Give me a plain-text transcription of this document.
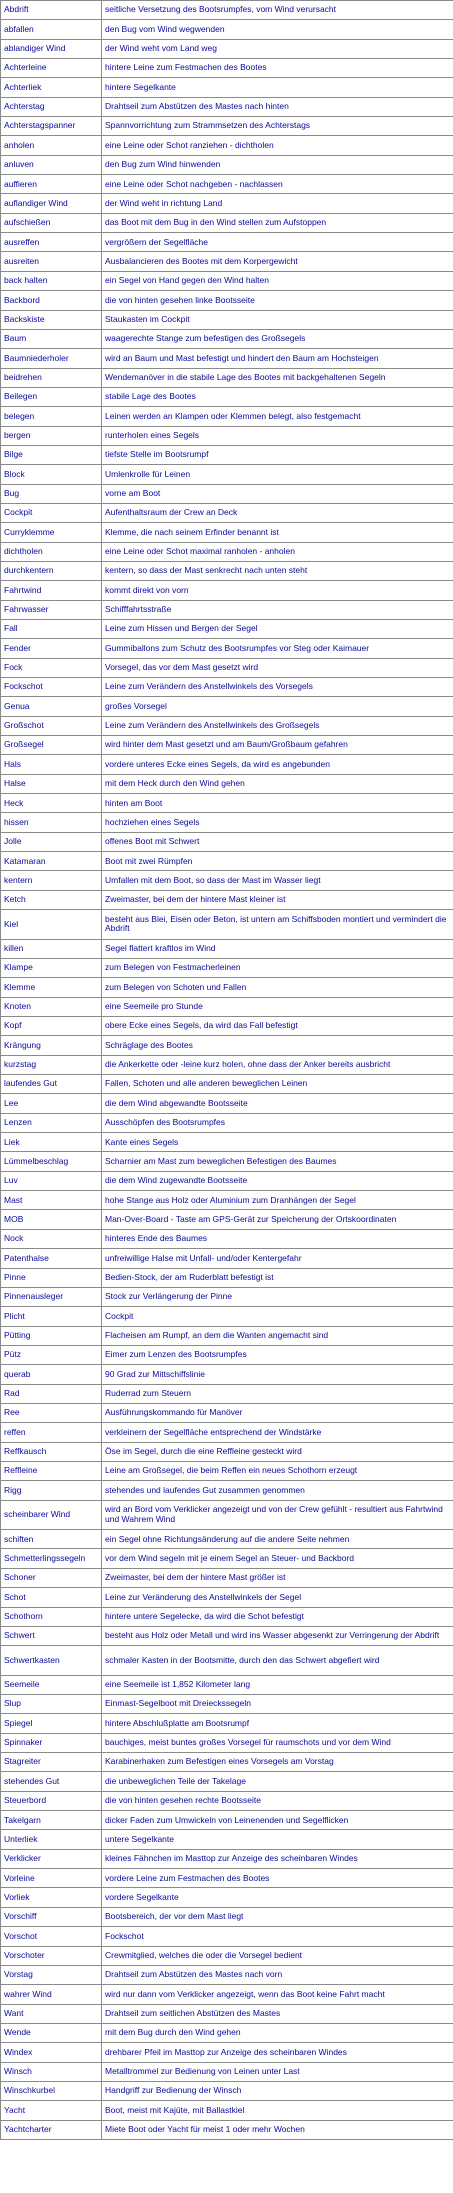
Abdrift	seitliche Versetzung des Bootsrumpfes, vom Wind verursacht
abfallen	den Bug vom Wind wegwenden
ablandiger Wind	der Wind weht vom Land weg
Achterleine	hintere Leine zum Festmachen des Bootes
Achterliek	hintere Segelkante
Achterstag	Drahtseil zum Abstützen des Mastes nach hinten
Achterstagspanner	Spannvorrichtung zum Strammsetzen des Achterstags
anholen	eine Leine oder Schot ranziehen - dichtholen
anluven	den Bug zum Wind hinwenden
auffieren	eine Leine oder Schot nachgeben - nachlassen
auflandiger Wind	der Wind weht in richtung Land
aufschießen	das Boot mit dem Bug in den Wind stellen zum Aufstoppen
ausreffen	vergrößern der Segelfläche
ausreiten	Ausbalancieren des Bootes mit dem Korpergewicht
back halten	ein Segel von Hand gegen den Wind halten
Backbord	die von hinten gesehen linke Bootsseite
Backskiste	Staukasten im Cockpit
Baum	waagerechte Stange zum befestigen des Großsegels
Baumniederholer	wird an Baum und Mast befestigt und hindert den Baum am Hochsteigen
beidrehen	Wendemanöver in die stabile Lage des Bootes mit backgehaltenen Segeln
Beilegen	stabile Lage des Bootes
belegen	Leinen werden an Klampen oder Klemmen belegt, also festgemacht
bergen	runterholen eines Segels
Bilge	tiefste Stelle im Bootsrumpf
Block	Umlenkrolle für Leinen
Bug	vorne am Boot
Cockpit	Aufenthaltsraum der Crew an Deck
Curryklemme	Klemme, die nach seinem Erfinder benannt ist
dichtholen	eine Leine oder Schot maximal ranholen - anholen
durchkentern	kentern, so dass der Mast senkrecht nach unten steht
Fahrtwind	kommt direkt von vorn
Fahrwasser	Schifffahrtsstraße
Fall	Leine zum Hissen und Bergen der Segel
Fender	Gummiballons zum Schutz des Bootsrumpfes vor Steg oder Kaimauer
Fock	Vorsegel, das vor dem Mast gesetzt wird
Fockschot	Leine zum Verändern des Anstellwinkels des Vorsegels
Genua	großes Vorsegel
Großschot	Leine zum Verändern des Anstellwinkels des Großsegels
Großsegel	wird hinter dem Mast gesetzt und am Baum/Großbaum gefahren
Hals	vordere unteres Ecke eines Segels, da wird es angebunden
Halse	mit dem Heck durch den Wind gehen
Heck	hinten am Boot
hissen	hochziehen eines Segels
Jolle	offenes Boot mit Schwert
Katamaran	Boot mit zwei Rümpfen
kentern	Umfallen mit dem Boot, so dass der Mast im Wasser liegt
Ketch	Zweimaster, bei dem der hintere Mast kleiner ist
Kiel	besteht aus Blei, Eisen oder Beton, ist untern am Schiffsboden montiert und vermindert die Abdrift
killen	Segel flattert kraftlos im Wind
Klampe	zum Belegen von Festmacherleinen
Klemme	zum Belegen von Schoten und Fallen
Knoten	eine Seemeile pro Stunde
Kopf	obere Ecke eines Segels, da wird das Fall befestigt
Krängung	Schräglage des Bootes
kurzstag	die Ankerkette oder -leine kurz holen, ohne dass der Anker bereits ausbricht
laufendes Gut	Fallen, Schoten und alle anderen beweglichen Leinen
Lee	die dem Wind abgewandte Bootsseite
Lenzen	Ausschöpfen des Bootsrumpfes
Liek	Kante eines Segels
Lümmelbeschlag	Scharnier am Mast zum beweglichen Befestigen des Baumes
Luv	die dem Wind zugewandte Bootsseite
Mast	hohe Stange aus Holz oder Aluminium zum Dranhängen der Segel
MOB	Man-Over-Board - Taste am GPS-Gerät zur Speicherung der Ortskoordinaten
Nock	hinteres Ende des Baumes
Patenthalse	unfreiwillige Halse mit Unfall- und/oder Kentergefahr
Pinne	Bedien-Stock, der am Ruderblatt befestigt ist
Pinnenausleger	Stock zur Verlängerung der Pinne
Plicht	Cockpit
Pütting	Flacheisen am Rumpf, an dem die Wanten angemacht sind
Pütz	Eimer zum Lenzen des Bootsrumpfes
querab	90 Grad zur Mittschiffslinie
Rad	Ruderrad zum Steuern
Ree	Ausführungskommando für Manöver
reffen	verkleinern der Segelfläche entsprechend der Windstärke
Reffkausch	Öse im Segel, durch die eine Reffleine gesteckt wird
Reffleine	Leine am Großsegel, die beim Reffen ein neues Schothorn erzeugt
Rigg	stehendes und laufendes Gut zusammen genommen
scheinbarer Wind	wird an Bord vom Verklicker angezeigt und von der Crew gefühlt - resultiert aus Fahrtwind und Wahrem Wind
schiften	ein Segel ohne Richtungsänderung auf die andere Seite nehmen
Schmetterlingssegeln	vor dem Wind segeln mit je einem Segel an Steuer- und Backbord
Schoner	Zweimaster, bei dem der hintere Mast größer ist
Schot	Leine zur Veränderung des Anstellwinkels der Segel
Schothorn	hintere untere Segelecke, da wird die Schot befestigt
Schwert	besteht aus Holz oder Metall und wird ins Wasser abgesenkt zur Verringerung der Abdrift
Schwertkasten	schmaler Kasten in der Bootsmitte, durch den das Schwert abgefiert wird
Seemeile	eine Seemeile ist 1,852 Kilometer lang
Slup	Einmast-Segelboot mit Dreieckssegeln
Spiegel	hintere Abschlußplatte am Bootsrumpf
Spinnaker	bauchiges, meist buntes großes Vorsegel für raumschots und vor dem Wind
Stagreiter	Karabinerhaken zum Befestigen eines Vorsegels am Vorstag
stehendes Gut	die unbeweglichen Teile der Takelage
Steuerbord	die von hinten gesehen rechte Bootsseite
Takelgarn	dicker Faden zum Umwickeln von Leinenenden und Segelflicken
Unterliek	untere Segelkante
Verklicker	kleines Fähnchen im Masttop zur Anzeige des scheinbaren Windes
Vorleine	vordere Leine zum Festmachen des Bootes
Vorliek	vordere Segelkante
Vorschiff	Bootsbereich, der vor dem Mast liegt
Vorschot	Fockschot
Vorschoter	Crewmitglied, welches die oder die Vorsegel bedient
Vorstag	Drahtseil zum Abstützen des Mastes nach vorn
wahrer Wind	wird nur dann vom Verklicker angezeigt, wenn das Boot keine Fahrt macht
Want	Drahtseil zum seitlichen Abstützen des Mastes
Wende	mit dem Bug durch den Wind gehen
Windex	drehbarer Pfeil im Masttop zur Anzeige des scheinbaren Windes
Winsch	Metalltrommel zur Bedienung von Leinen unter Last
Winschkurbel	Handgriff zur Bedienung der Winsch
Yacht	Boot, meist mit Kajüte, mit Ballastkiel
Yachtcharter	Miete Boot oder Yacht für meist 1 oder mehr Wochen
